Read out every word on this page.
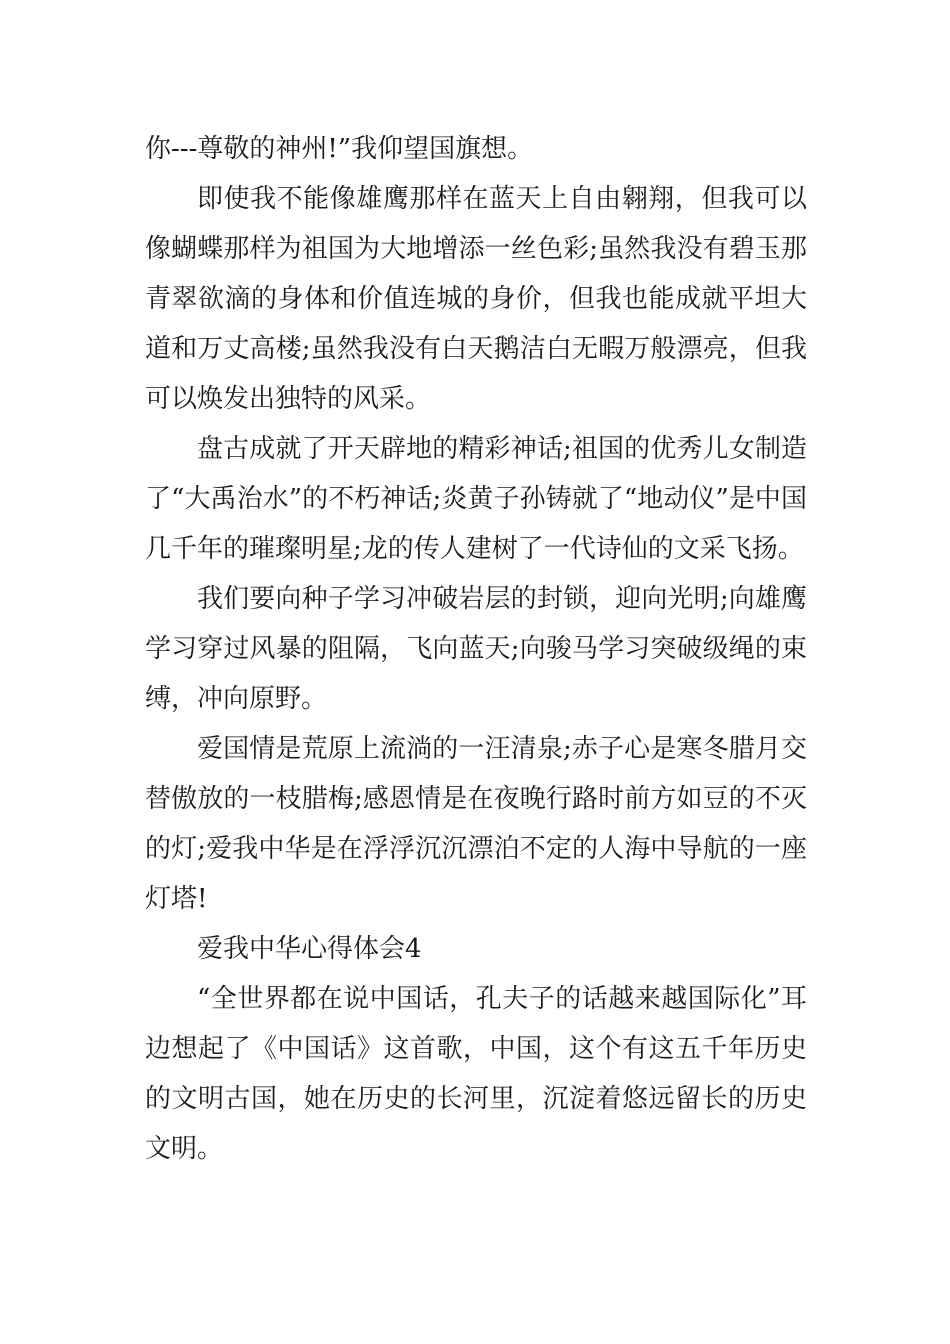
你---尊敬的神州!”我仰望国旗想。

即使我不能像雄鹰那样在蓝天上自由翱翔，但我可以像蝴蝶那样为祖国为大地增添一丝色彩;虽然我没有碧玉那青翠欲滴的身体和价值连城的身价，但我也能成就平坦大道和万丈高楼;虽然我没有白天鹅洁白无暇万般漂亮，但我可以焕发出独特的风采。

盘古成就了开天辟地的精彩神话;祖国的优秀儿女制造了“大禹治水”的不朽神话;炎黄子孙铸就了“地动仪”是中国几千年的璀璨明星;龙的传人建树了一代诗仙的文采飞扬。

我们要向种子学习冲破岩层的封锁，迎向光明;向雄鹰学习穿过风暴的阻隔，飞向蓝天;向骏马学习突破级绳的束缚，冲向原野。

爱国情是荒原上流淌的一汪清泉;赤子心是寒冬腊月交替傲放的一枝腊梅;感恩情是在夜晚行路时前方如豆的不灭的灯;爱我中华是在浮浮沉沉漂泊不定的人海中导航的一座灯塔!

爱我中华心得体会4

“全世界都在说中国话，孔夫子的话越来越国际化”耳边想起了《中国话》这首歌，中国，这个有这五千年历史的文明古国，她在历史的长河里，沉淀着悠远留长的历史文明。
